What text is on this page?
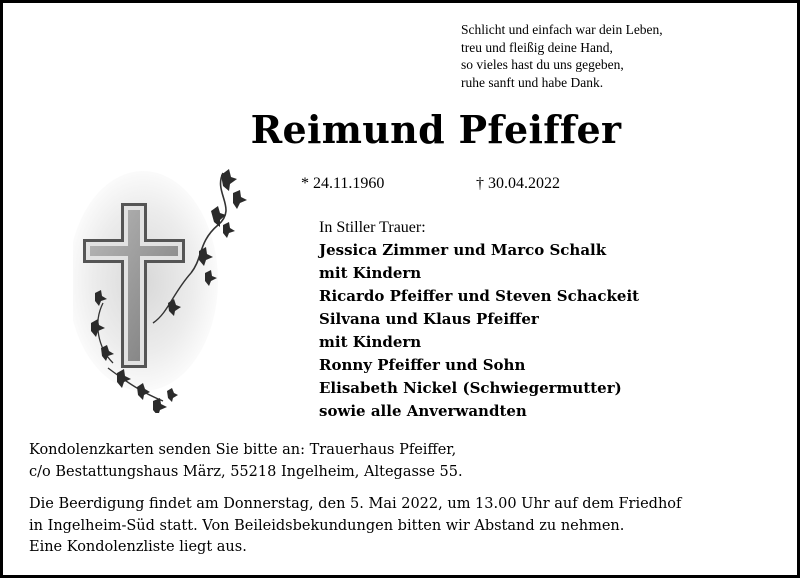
Schlicht und einfach war dein Leben,
treu und fleißig deine Hand,
so vieles hast du uns gegeben,
ruhe sanft und habe Dank.
Reimund Pfeiffer
* 24.11.1960	† 30.04.2022
In Stiller Trauer:
Jessica Zimmer und Marco Schalk
mit Kindern
Ricardo Pfeiffer und Steven Schackeit
Silvana und Klaus Pfeiffer
mit Kindern
Ronny Pfeiffer und Sohn
Elisabeth Nickel (Schwiegermutter)
sowie alle Anverwandten
Kondolenzkarten senden Sie bitte an: Trauerhaus Pfeiffer,
c/o Bestattungshaus März, 55218 Ingelheim, Altegasse 55.
Die Beerdigung findet am Donnerstag, den 5. Mai 2022, um 13.00 Uhr auf dem Friedhof
in Ingelheim-Süd statt. Von Beileidsbekundungen bitten wir Abstand zu nehmen.
Eine Kondolenzliste liegt aus.
